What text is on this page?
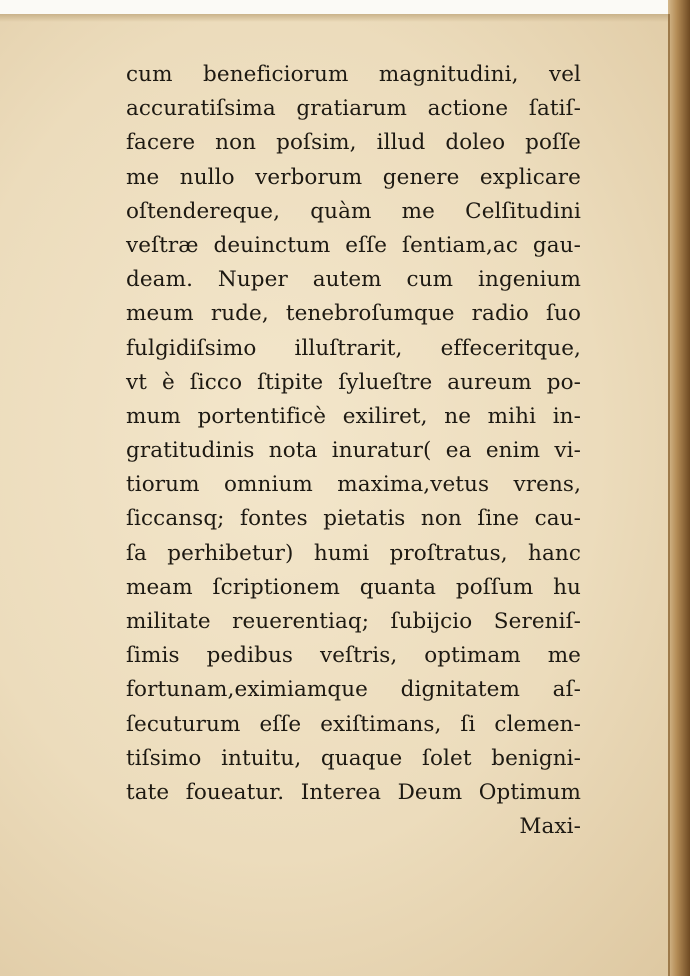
cum beneficiorum magnitudini, vel
accuratiſsima gratiarum actione ſatiſ-
facere non poſsim, illud doleo poſſe
me nullo verborum genere explicare
oſtendereque, quàm me Celſitudini
veſtræ deuinctum eſſe ſentiam,ac gau-
deam. Nuper autem cum ingenium
meum rude, tenebroſumque radio ſuo
fulgidiſsimo illuſtrarit, effeceritque,
vt è ſicco ſtipite ſylueſtre aureum po-
mum portentificè exiliret, ne mihi in-
gratitudinis nota inuratur( ea enim vi-
tiorum omnium maxima,vetus vrens,
ſiccansq; fontes pietatis non ſine cau-
ſa perhibetur) humi proſtratus, hanc
meam ſcriptionem quanta poſſum hu
militate reuerentiaq; ſubijcio Sereniſ-
ſimis pedibus veſtris, optimam me
fortunam,eximiamque dignitatem aſ-
ſecuturum eſſe exiſtimans, ſi clemen-
tiſsimo intuitu, quaque ſolet benigni-
tate foueatur. Interea Deum Optimum
Maxi-
